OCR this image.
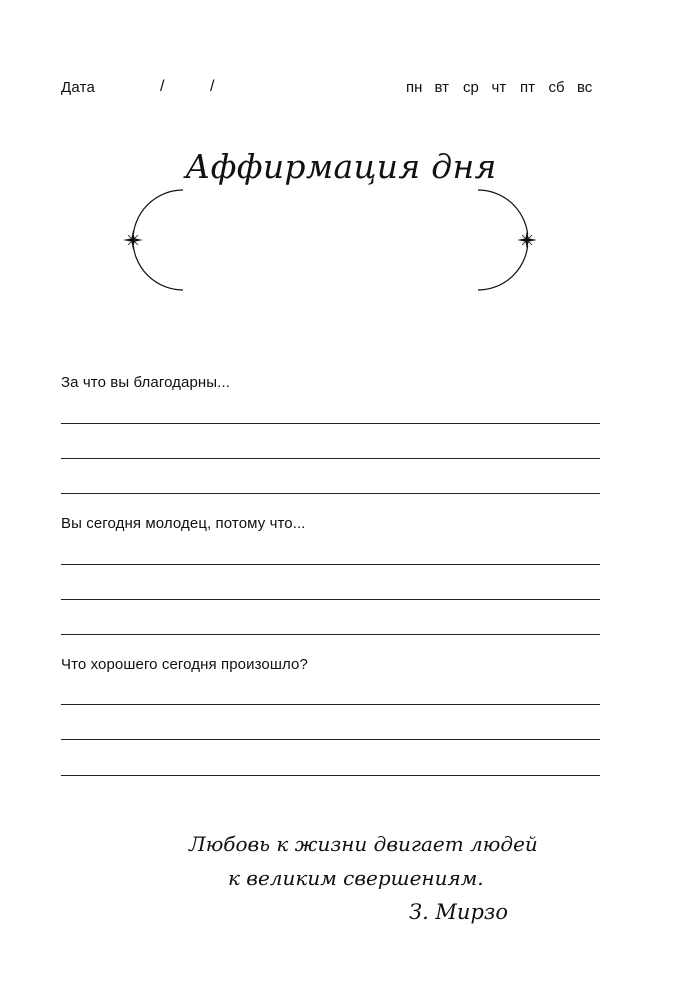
Дата	/	/	пн вт ср чт пт сб вс
Аффирмация дня
За что вы благодарны...
Вы сегодня молодец, потому что...
Что хорошего сегодня произошло?
Любовь к жизни двигает людей
к великим свершениям.
З. Мирзо
